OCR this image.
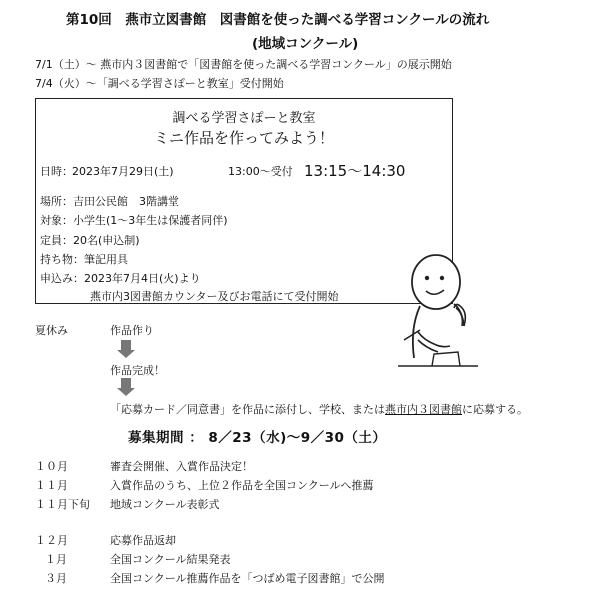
第10回　燕市立図書館　図書館を使った調べる学習コンクールの流れ
(地域コンクール)
7/1（土）～ 燕市内３図書館で「図書館を使った調べる学習コンクール」の展示開始
7/4（火）～「調べる学習さぽーと教室」受付開始
調べる学習さぽーと教室
ミニ作品を作ってみよう！
日時： 2023年7月29日(土)	13:00～受付 13:15～14:30
場所 ：吉田公民館　3階講堂
対象 ：小学生(1～3年生は保護者同伴)
定員 ：20名(申込制)
持ち物 ：筆記用具
申込み ：2023年7月4日(火)より
燕市内3図書館カウンター及びお電話にて受付開始
夏休み	作品作り
作品完成！
「応募カード／同意書」を作品に添付し、学校、または燕市内３図書館に応募する。
募集期間 ： 8／23（水)～9／30（土）
１０月	審査会開催、入賞作品決定！
１１月	入賞作品のうち、上位２作品を全国コンクールへ推薦
１１月下旬 地域コンクール表彰式
１２月	応募作品返却
１月	全国コンクール結果発表
３月	全国コンクール推薦作品を「つばめ電子図書館」で公開
